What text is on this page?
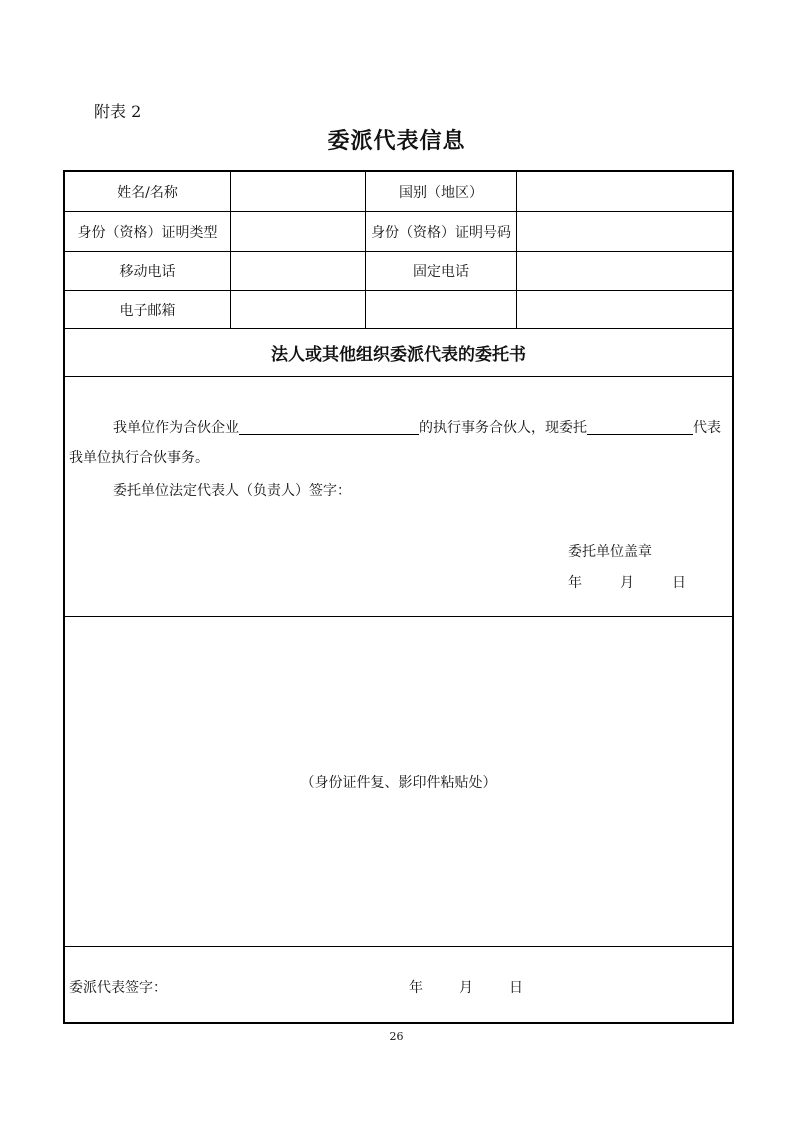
附表 2
委派代表信息
姓名/名称	国别（地区）
身份（资格）证明类型	身份（资格）证明号码
移动电话	固定电话
电子邮箱
法人或其他组织委派代表的委托书
我单位作为合伙企业	的执行事务合伙人，现委托	代表
我单位执行合伙事务。
委托单位法定代表人（负责人）签字：
委托单位盖章
年	月	日
（身份证件复、影印件粘贴处）
委派代表签字：	年	月	日
26
